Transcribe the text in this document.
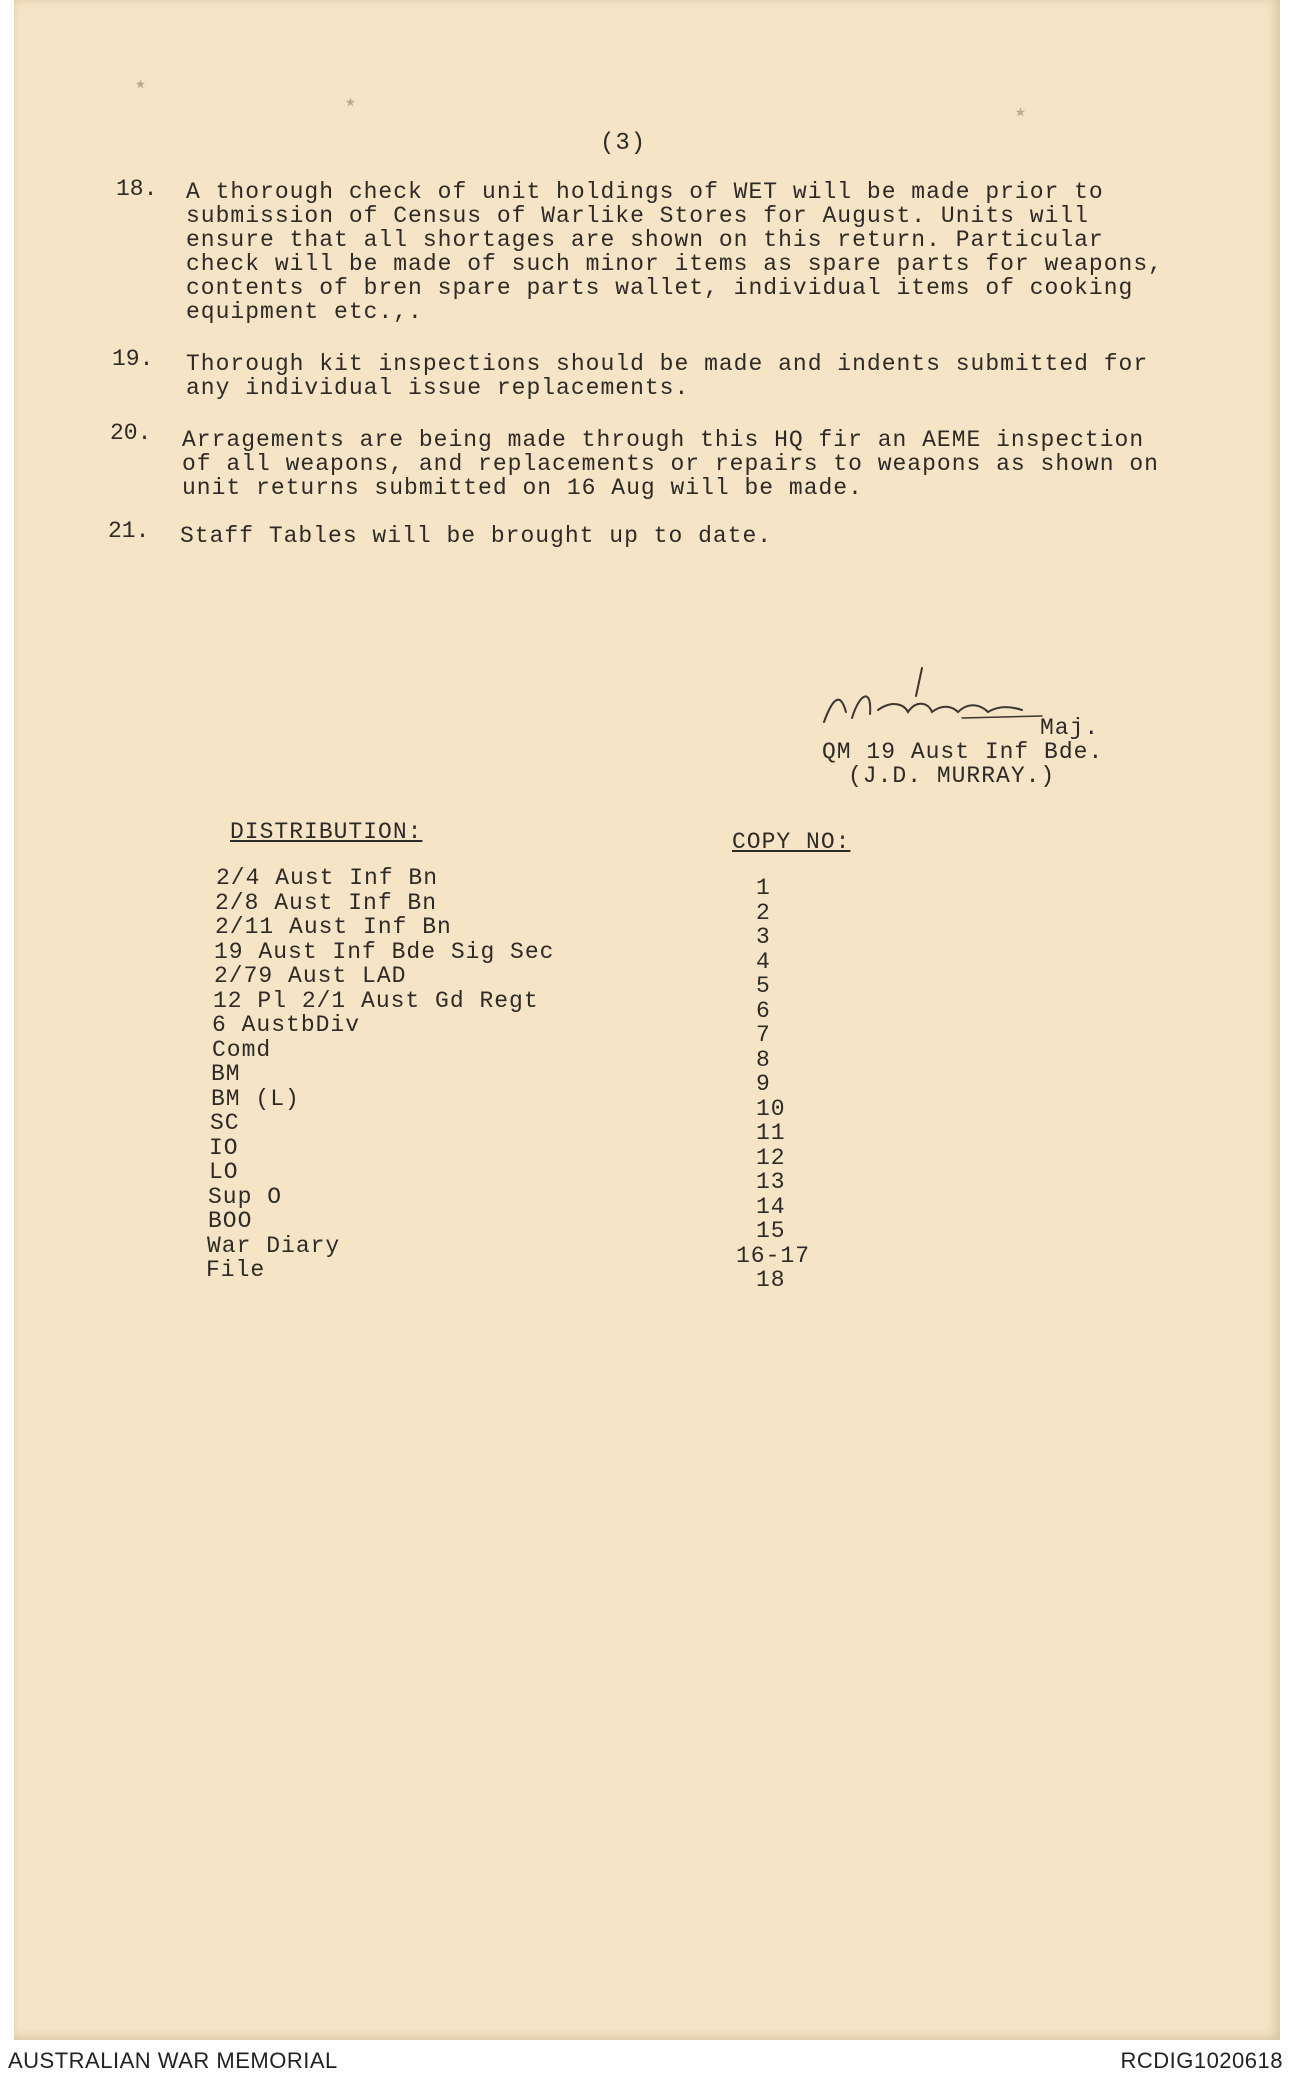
⋆
⋆	⋆
(3)
18. A thorough check of unit holdings of WET will be made prior to
submission of Census of Warlike Stores for August. Units will
ensure that all shortages are shown on this return. Particular
check will be made of such minor items as spare parts for weapons,
contents of bren spare parts wallet, individual items of cooking
equipment etc.,.
19. Thorough kit inspections should be made and indents submitted for
any individual issue replacements.
20. Arragements are being made through this HQ fir an AEME inspection
of all weapons, and replacements or repairs to weapons as shown on
unit returns submitted on 16 Aug will be made.
21. Staff Tables will be brought up to date.
Maj.
QM 19 Aust Inf Bde.
(J.D. MURRAY.)
DISTRIBUTION:	COPY NO:
2/4 Aust Inf Bn	1
2/8 Aust Inf Bn	2
2/11 Aust Inf Bn	3
19 Aust Inf Bde Sig Sec	4
2/79 Aust LAD	5
12 Pl 2/1 Aust Gd Regt	6
6 AustbDiv	7
Comd	8
BM	9
BM (L)	10
SC	11
IO	12
LO	13
Sup O	14
BOO	15
War Diary	16-17
File	18
AUSTRALIAN WAR MEMORIAL	RCDIG1020618
